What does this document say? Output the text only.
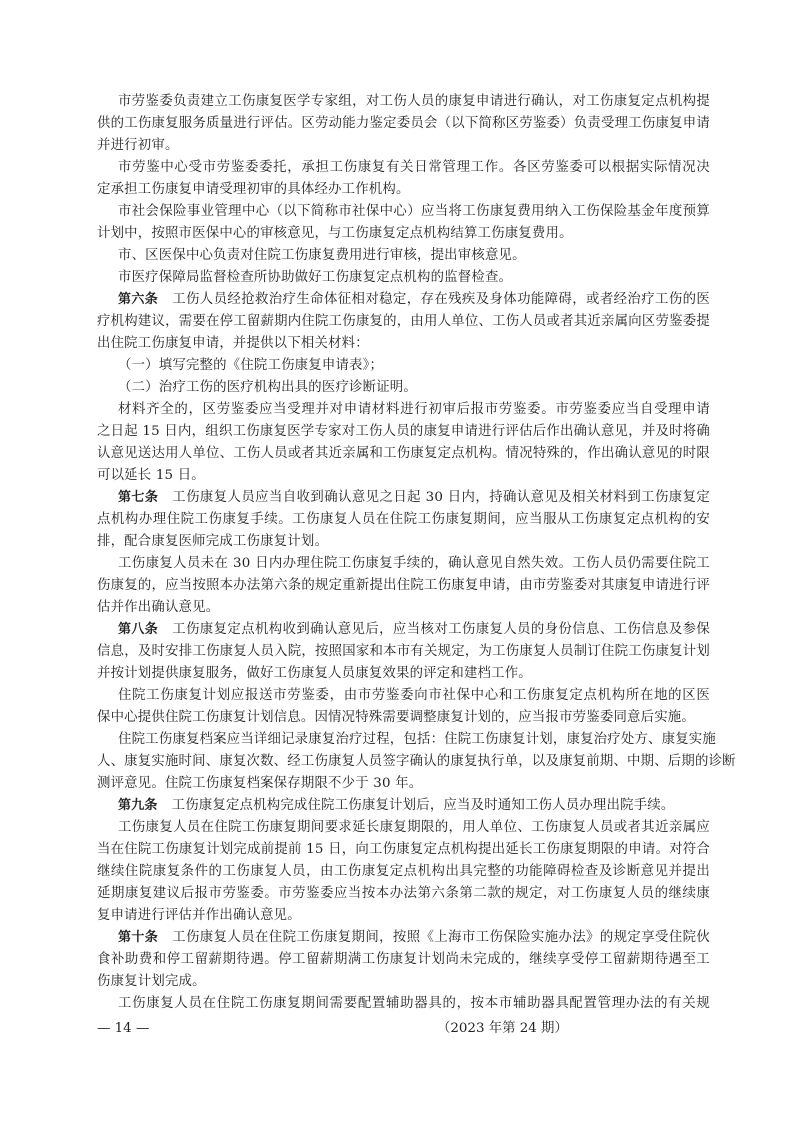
市劳鉴委负责建立工伤康复医学专家组，对工伤人员的康复申请进行确认，对工伤康复定点机构提
供的工伤康复服务质量进行评估。区劳动能力鉴定委员会（以下简称区劳鉴委）负责受理工伤康复申请
并进行初审。
市劳鉴中心受市劳鉴委委托，承担工伤康复有关日常管理工作。各区劳鉴委可以根据实际情况决
定承担工伤康复申请受理初审的具体经办工作机构。
市社会保险事业管理中心（以下简称市社保中心）应当将工伤康复费用纳入工伤保险基金年度预算
计划中，按照市医保中心的审核意见，与工伤康复定点机构结算工伤康复费用。
市、区医保中心负责对住院工伤康复费用进行审核，提出审核意见。
市医疗保障局监督检查所协助做好工伤康复定点机构的监督检查。
第六条 工伤人员经抢救治疗生命体征相对稳定，存在残疾及身体功能障碍，或者经治疗工伤的医
疗机构建议，需要在停工留薪期内住院工伤康复的，由用人单位、工伤人员或者其近亲属向区劳鉴委提
出住院工伤康复申请，并提供以下相关材料：
（一）填写完整的《住院工伤康复申请表》；
（二）治疗工伤的医疗机构出具的医疗诊断证明。
材料齐全的，区劳鉴委应当受理并对申请材料进行初审后报市劳鉴委。市劳鉴委应当自受理申请
之日起 15 日内，组织工伤康复医学专家对工伤人员的康复申请进行评估后作出确认意见，并及时将确
认意见送达用人单位、工伤人员或者其近亲属和工伤康复定点机构。情况特殊的，作出确认意见的时限
可以延长 15 日。
第七条 工伤康复人员应当自收到确认意见之日起 30 日内，持确认意见及相关材料到工伤康复定
点机构办理住院工伤康复手续。工伤康复人员在住院工伤康复期间，应当服从工伤康复定点机构的安
排，配合康复医师完成工伤康复计划。
工伤康复人员未在 30 日内办理住院工伤康复手续的，确认意见自然失效。工伤人员仍需要住院工
伤康复的，应当按照本办法第六条的规定重新提出住院工伤康复申请，由市劳鉴委对其康复申请进行评
估并作出确认意见。
第八条 工伤康复定点机构收到确认意见后，应当核对工伤康复人员的身份信息、工伤信息及参保
信息，及时安排工伤康复人员入院，按照国家和本市有关规定，为工伤康复人员制订住院工伤康复计划
并按计划提供康复服务，做好工伤康复人员康复效果的评定和建档工作。
住院工伤康复计划应报送市劳鉴委，由市劳鉴委向市社保中心和工伤康复定点机构所在地的区医
保中心提供住院工伤康复计划信息。因情况特殊需要调整康复计划的，应当报市劳鉴委同意后实施。
住院工伤康复档案应当详细记录康复治疗过程，包括：住院工伤康复计划，康复治疗处方、康复实施
人、康复实施时间、康复次数、经工伤康复人员签字确认的康复执行单，以及康复前期、中期、后期的诊断
测评意见。住院工伤康复档案保存期限不少于 30 年。
第九条 工伤康复定点机构完成住院工伤康复计划后，应当及时通知工伤人员办理出院手续。
工伤康复人员在住院工伤康复期间要求延长康复期限的，用人单位、工伤康复人员或者其近亲属应
当在住院工伤康复计划完成前提前 15 日，向工伤康复定点机构提出延长工伤康复期限的申请。对符合
继续住院康复条件的工伤康复人员，由工伤康复定点机构出具完整的功能障碍检查及诊断意见并提出
延期康复建议后报市劳鉴委。市劳鉴委应当按本办法第六条第二款的规定，对工伤康复人员的继续康
复申请进行评估并作出确认意见。
第十条 工伤康复人员在住院工伤康复期间，按照《上海市工伤保险实施办法》的规定享受住院伙
食补助费和停工留薪期待遇。停工留薪期满工伤康复计划尚未完成的，继续享受停工留薪期待遇至工
伤康复计划完成。
工伤康复人员在住院工伤康复期间需要配置辅助器具的，按本市辅助器具配置管理办法的有关规
— 14 —	（2023 年第 24 期）
